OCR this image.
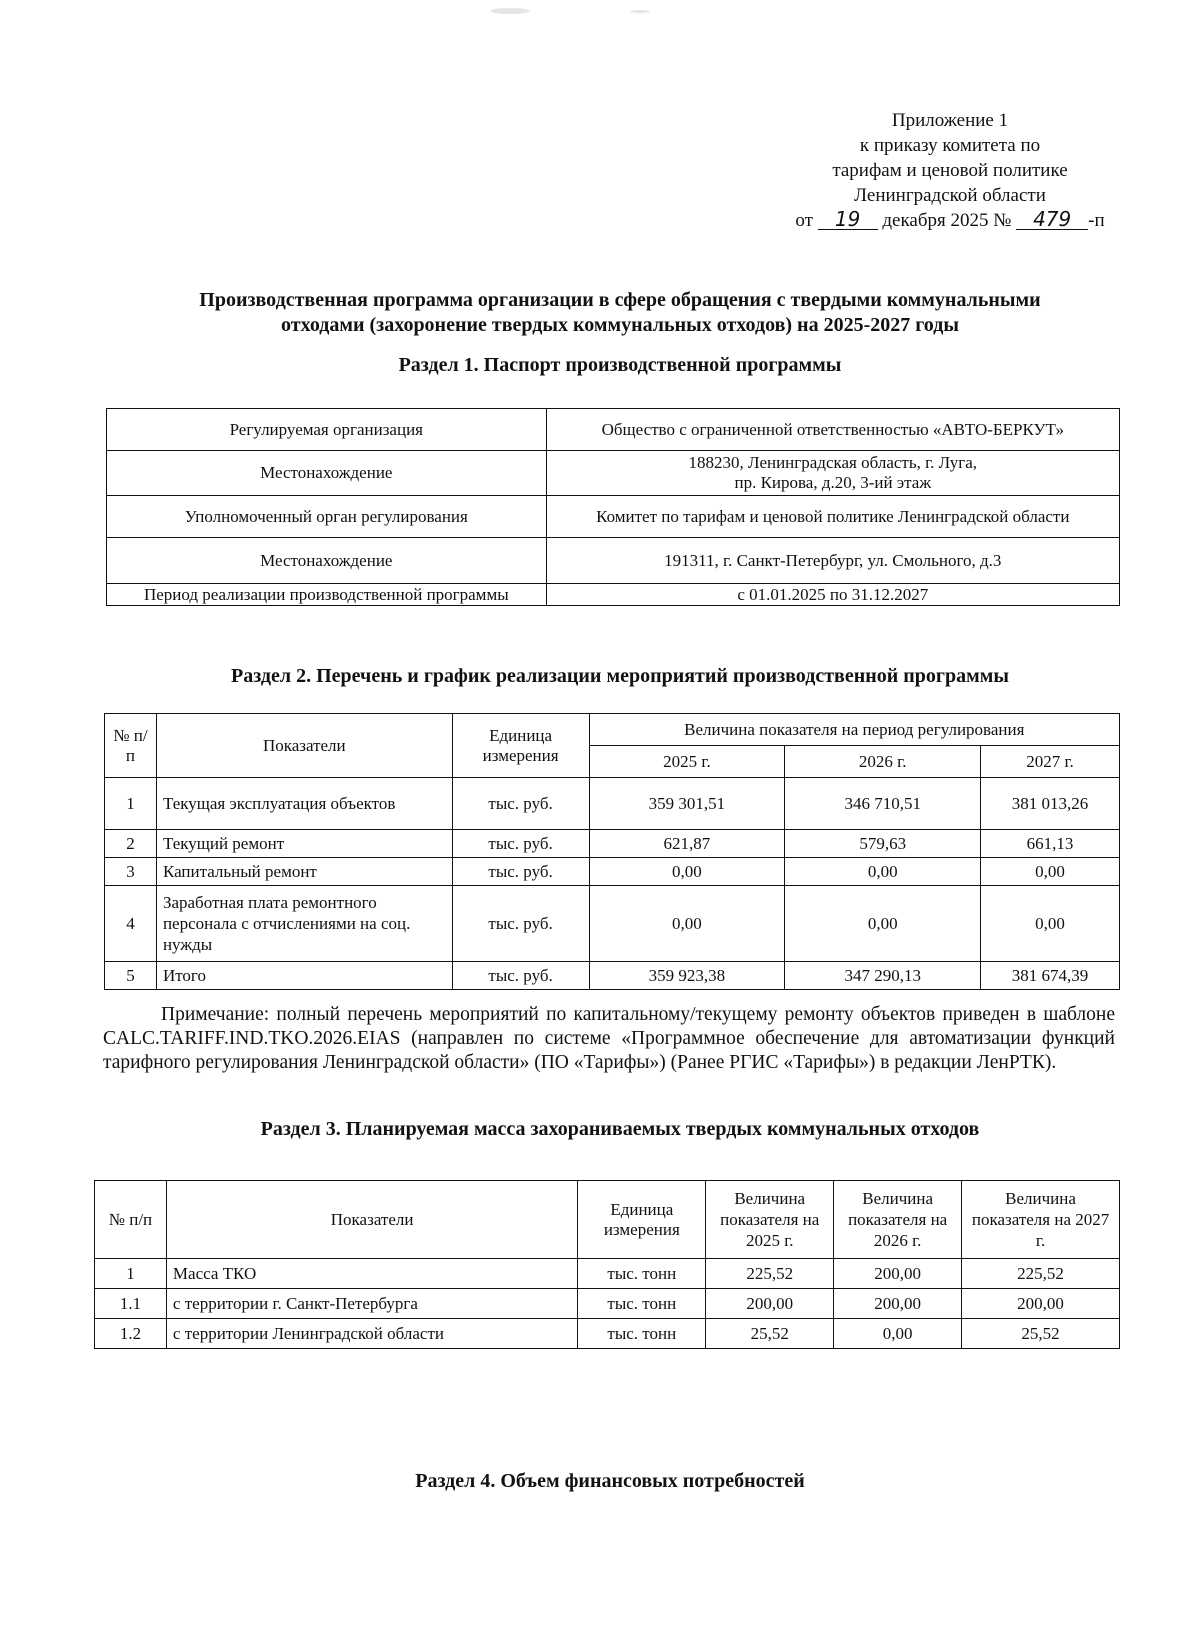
Приложение 1
к приказу комитета по
тарифам и ценовой политике
Ленинградской области
от 19 декабря 2025 № 479 -п
Производственная программа организации в сфере обращения с твердыми коммунальными
отходами (захоронение твердых коммунальных отходов) на 2025-2027 годы
Раздел 1. Паспорт производственной программы
Регулируемая организация	Общество с ограниченной ответственностью «АВТО-БЕРКУТ»
Местонахождение	188230, Ленинградская область, г. Луга,
пр. Кирова, д.20, 3-ий этаж

Уполномоченный орган регулирования	Комитет по тарифам и ценовой политике Ленинградской области
Местонахождение	191311, г. Санкт-Петербург, ул. Смольного, д.3
Период реализации производственной программы	с 01.01.2025 по 31.12.2027
Раздел 2. Перечень и график реализации мероприятий производственной программы
№ п/п	Показатели	Единица измерения	Величина показателя на период регулирования		
			2025 г.	2026 г.	2027 г.
1	Текущая эксплуатация объектов	тыс. руб.	359 301,51	346 710,51	381 013,26
2	Текущий ремонт	тыс. руб.	621,87	579,63	661,13
3	Капитальный ремонт	тыс. руб.	0,00	0,00	0,00
4	Заработная плата ремонтного персонала с отчислениями на соц. нужды	тыс. руб.	0,00	0,00	0,00
5	Итого	тыс. руб.	359 923,38	347 290,13	381 674,39
Примечание: полный перечень мероприятий по капитальному/текущему ремонту объектов приведен в шаблоне CALC.TARIFF.IND.TKO.2026.EIAS (направлен по системе «Программное обеспечение для автоматизации функций тарифного регулирования Ленинградской области» (ПО «Тарифы») (Ранее РГИС «Тарифы») в редакции ЛенРТК).
Раздел 3. Планируемая масса захораниваемых твердых коммунальных отходов
№ п/п	Показатели	Единица измерения	Величина показателя на 2025 г.	Величина показателя на 2026 г.	Величина показателя на 2027 г.
1	Масса ТКО	тыс. тонн	225,52	200,00	225,52
1.1	с территории г. Санкт-Петербурга	тыс. тонн	200,00	200,00	200,00
1.2	с территории Ленинградской области	тыс. тонн	25,52	0,00	25,52
Раздел 4. Объем финансовых потребностей
